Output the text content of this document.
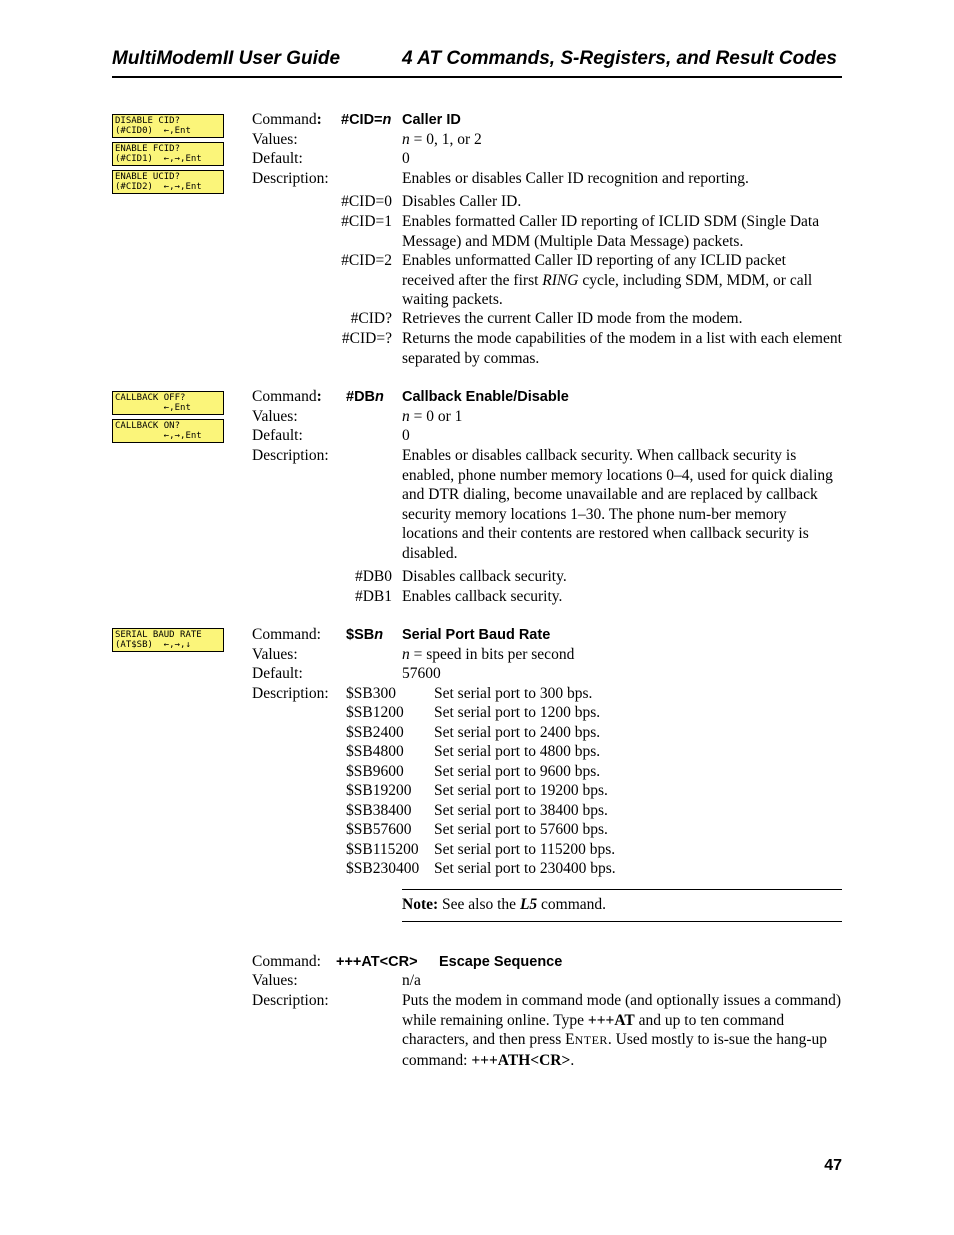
MultiModemII User Guide	4 AT Commands, S-Registers, and Result Codes
DISABLE CID?
(#CID0)  ←,Ent
ENABLE FCID?
(#CID1)  ←,→,Ent
ENABLE UCID?
(#CID2)  ←,→,Ent
Command: #CID=n Caller ID
Values:	n = 0, 1, or 2
Default:	0
Description:	Enables or disables Caller ID recognition and reporting.
#CID=0 Disables Caller ID.
#CID=1 Enables formatted Caller ID reporting of ICLID SDM (Single Data Message) and MDM (Multiple Data Message) packets.
#CID=2 Enables unformatted Caller ID reporting of any ICLID packet received after the first RING cycle, including SDM, MDM, or call waiting packets.
#CID? Retrieves the current Caller ID mode from the modem.
#CID=? Returns the mode capabilities of the modem in a list with each element separated by commas.
CALLBACK OFF?
←,Ent
CALLBACK ON?
←,→,Ent
Command: #DBn Callback Enable/Disable
Values:	n = 0 or 1
Default:	0
Description:	Enables or disables callback security. When callback security is enabled, phone number memory locations 0–4, used for quick dialing and DTR dialing, become unavailable and are replaced by callback security memory locations 1–30. The phone num-ber memory locations and their contents are restored when callback security is disabled.
#DB0 Disables callback security.
#DB1 Enables callback security.
SERIAL BAUD RATE
(AT$SB)  ←,→,↓
Command: $SBn Serial Port Baud Rate
Values:	n = speed in bits per second
Default:	57600
Description: $SB300 Set serial port to 300 bps.
$SB1200 Set serial port to 1200 bps.
$SB2400 Set serial port to 2400 bps.
$SB4800 Set serial port to 4800 bps.
$SB9600 Set serial port to 9600 bps.
$SB19200 Set serial port to 19200 bps.
$SB38400 Set serial port to 38400 bps.
$SB57600 Set serial port to 57600 bps.
$SB115200 Set serial port to 115200 bps.
$SB230400 Set serial port to 230400 bps.
Note: See also the L5 command.
Command: +++AT<CR> Escape Sequence
Values:	n/a
Description:	Puts the modem in command mode (and optionally issues a command) while remaining online. Type +++AT and up to ten command characters, and then press ENTER. Used mostly to is-sue the hang-up command: +++ATH<CR>.
47
